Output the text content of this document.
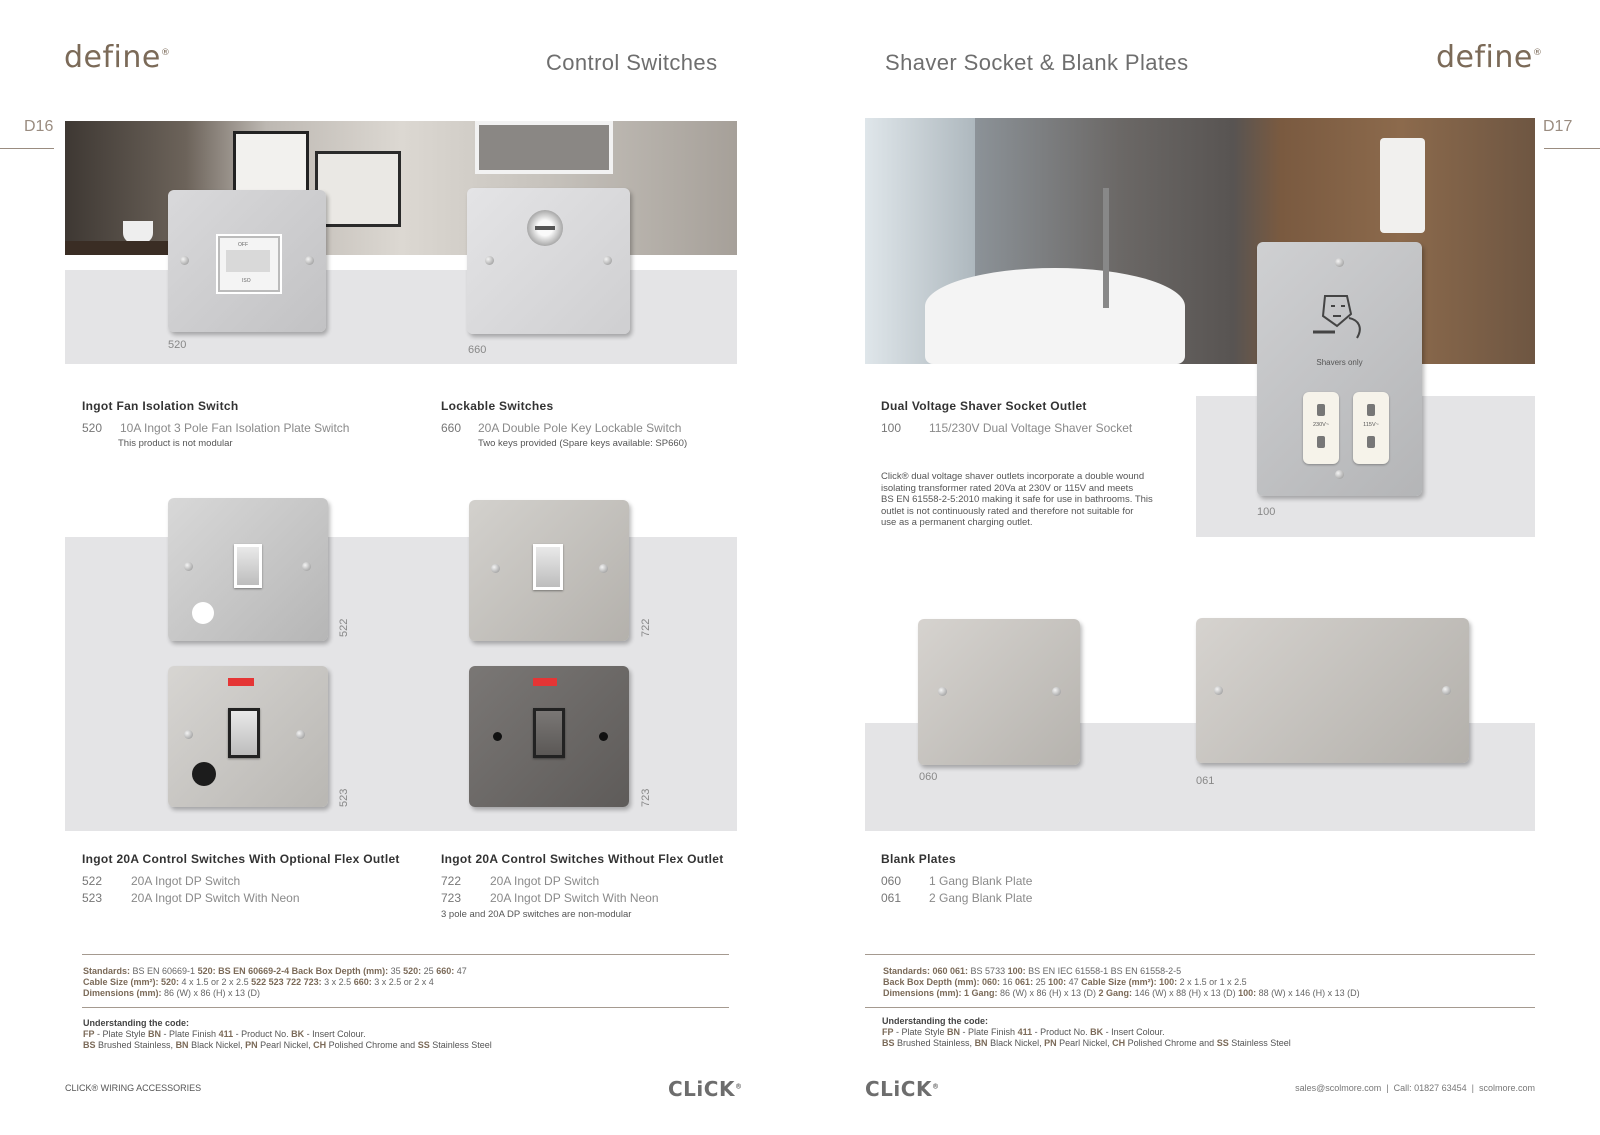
define®	Control Switches
D16
OFF
ISO
520	660
Ingot Fan Isolation Switch
520 10A Ingot 3 Pole Fan Isolation Plate Switch
This product is not modular
Lockable Switches
660 20A Double Pole Key Lockable Switch
Two keys provided (Spare keys available: SP660)
522	722
523	723
Ingot 20A Control Switches With Optional Flex Outlet
522 20A Ingot DP Switch
523 20A Ingot DP Switch With Neon
Ingot 20A Control Switches Without Flex Outlet
722 20A Ingot DP Switch
723 20A Ingot DP Switch With Neon
3 pole and 20A DP switches are non-modular
Standards: BS EN 60669-1 520: BS EN 60669-2-4 Back Box Depth (mm): 35 520: 25 660: 47
Cable Size (mm²): 520: 4 x 1.5 or 2 x 2.5 522 523 722 723: 3 x 2.5 660: 3 x 2.5 or 2 x 4
Dimensions (mm): 86 (W) x 86 (H) x 13 (D)
Understanding the code:
FP - Plate Style BN - Plate Finish 411 - Product No. BK - Insert Colour.
BS Brushed Stainless, BN Black Nickel, PN Pearl Nickel, CH Polished Chrome and SS Stainless Steel
CLICK® WIRING ACCESSORIES	CLiCK®
Shaver Socket & Blank Plates	define®
D17
Shavers only
230V~	115V~
100
Dual Voltage Shaver Socket Outlet
100 115/230V Dual Voltage Shaver Socket
Click® dual voltage shaver outlets incorporate a double wound
isolating transformer rated 20Va at 230V or 115V and meets
BS EN 61558-2-5:2010 making it safe for use in bathrooms. This
outlet is not continuously rated and therefore not suitable for
use as a permanent charging outlet.
060	061
Blank Plates
060 1 Gang Blank Plate
061 2 Gang Blank Plate
Standards: 060 061: BS 5733 100: BS EN IEC 61558-1 BS EN 61558-2-5
Back Box Depth (mm): 060: 16 061: 25 100: 47 Cable Size (mm²): 100: 2 x 1.5 or 1 x 2.5
Dimensions (mm): 1 Gang: 86 (W) x 86 (H) x 13 (D) 2 Gang: 146 (W) x 88 (H) x 13 (D) 100: 88 (W) x 146 (H) x 13 (D)
Understanding the code:
FP - Plate Style BN - Plate Finish 411 - Product No. BK - Insert Colour.
BS Brushed Stainless, BN Black Nickel, PN Pearl Nickel, CH Polished Chrome and SS Stainless Steel
CLiCK®	sales@scolmore.com  |  Call: 01827 63454  |  scolmore.com
